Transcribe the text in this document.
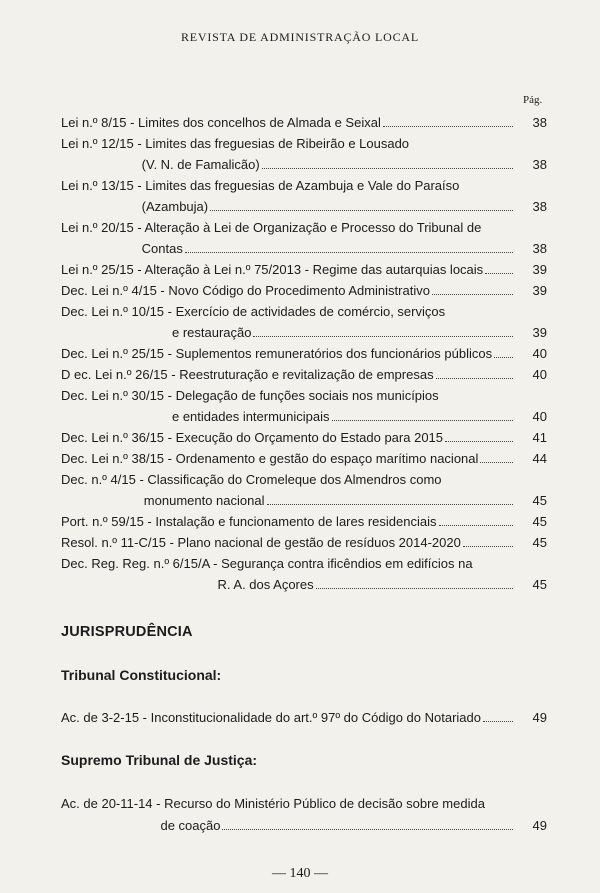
REVISTA DE ADMINISTRAÇÃO LOCAL
Pág.
Lei n.º 8/15 - Limites dos concelhos de Almada e Seixal	38
Lei n.º 12/15 - Limites das freguesias de Ribeirão e Lousado
(V. N. de Famalicão)	38
Lei n.º 13/15 - Limites das freguesias de Azambuja e Vale do Paraíso
(Azambuja)	38
Lei n.º 20/15 - Alteração à Lei de Organização e Processo do Tribunal de
Contas	38
Lei n.º 25/15 - Alteração à Lei n.º 75/2013 - Regime das autarquias locais	39
Dec. Lei n.º 4/15 - Novo Código do Procedimento Administrativo	39
Dec. Lei n.º 10/15 - Exercício de actividades de comércio, serviços
e restauração	39
Dec. Lei n.º 25/15 - Suplementos remuneratórios dos funcionários públicos	40
D ec. Lei n.º 26/15 - Reestruturação e revitalização de empresas	40
Dec. Lei n.º 30/15 - Delegação de funções sociais nos municípios
e entidades intermunicipais	40
Dec. Lei n.º 36/15 - Execução do Orçamento do Estado para 2015	41
Dec. Lei n.º 38/15 - Ordenamento e gestão do espaço marítimo nacional	44
Dec. n.º 4/15 - Classificação do Cromeleque dos Almendros como
monumento nacional	45
Port. n.º 59/15 - Instalação e funcionamento de lares residenciais	45
Resol. n.º 11-C/15 - Plano nacional de gestão de resíduos 2014-2020	45
Dec. Reg. Reg. n.º 6/15/A - Segurança contra ificêndios em edifícios na
R. A. dos Açores	45
JURISPRUDÊNCIA
Tribunal Constitucional:
Ac. de 3-2-15 - Inconstitucionalidade do art.º 97º do Código do Notariado	49
Supremo Tribunal de Justiça:
Ac. de 20-11-14 - Recurso do Ministério Público de decisão sobre medida
de coação	49
— 140 —
